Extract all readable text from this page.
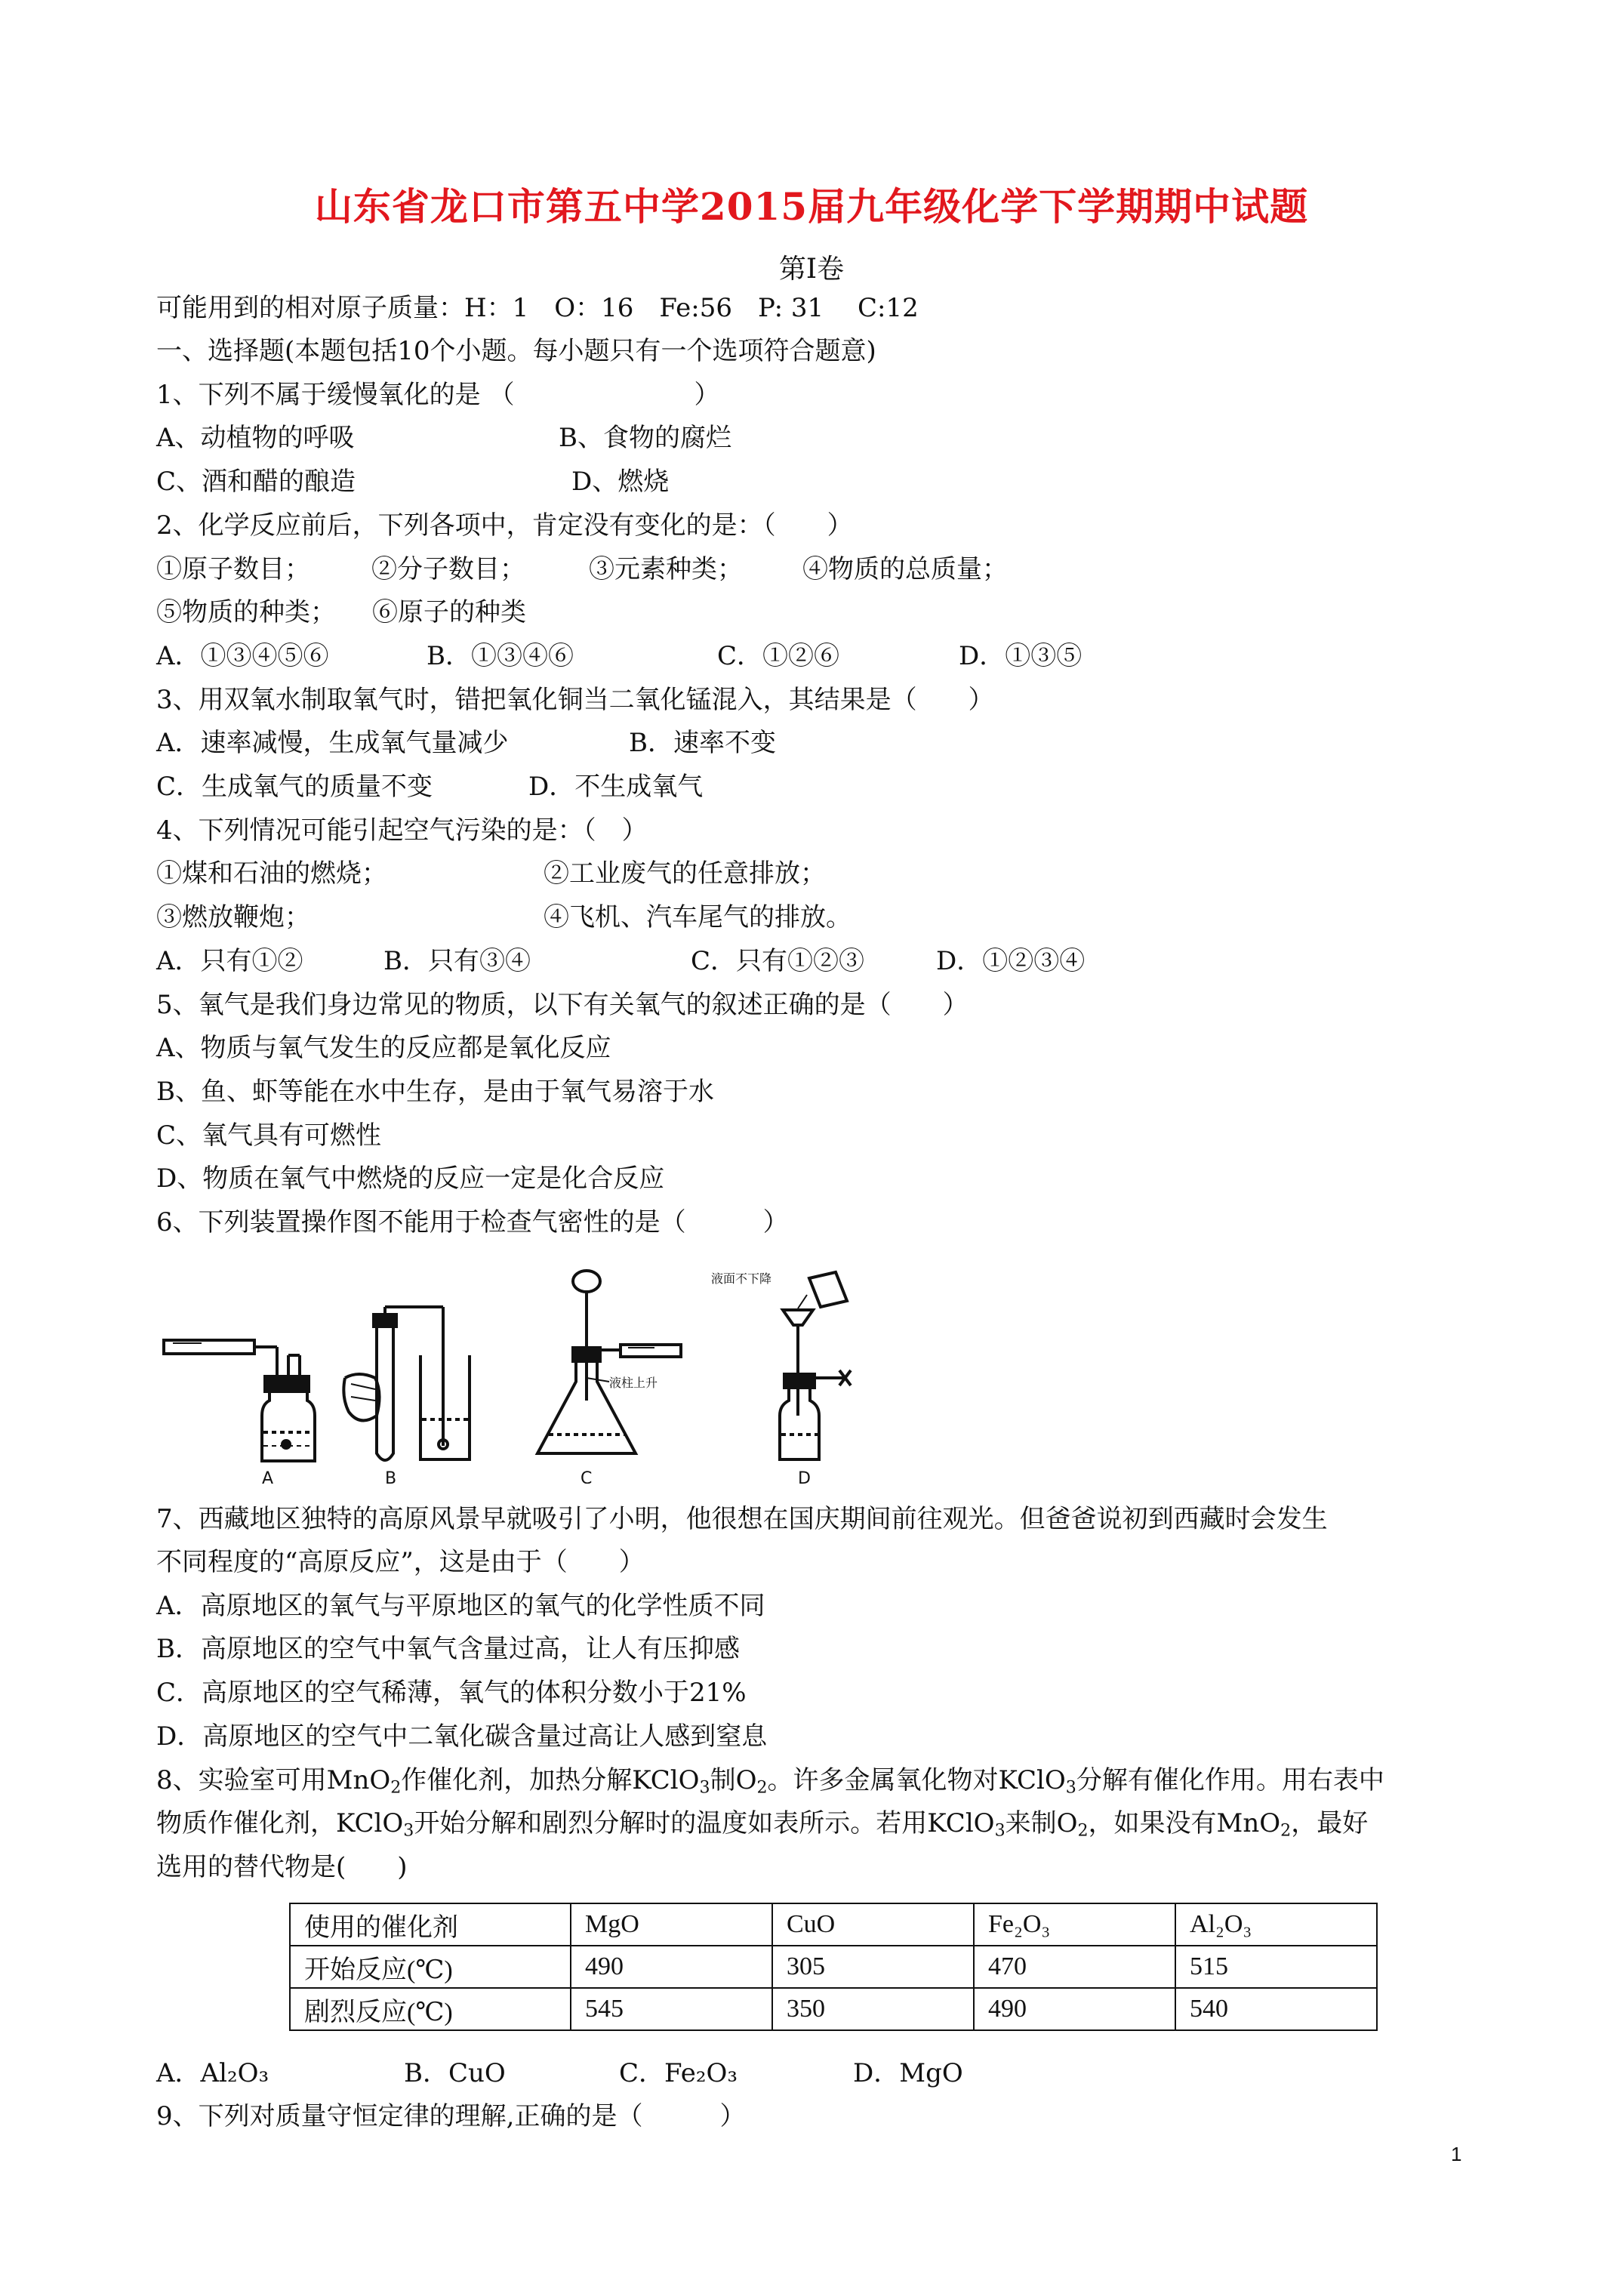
山东省龙口市第五中学2015届九年级化学下学期期中试题
第Ⅰ卷
可能用到的相对原子质量：H：1　O：16　Fe:56　P: 31　 C:12
一、选择题(本题包括10个小题。每小题只有一个选项符合题意)
1、下列不属于缓慢氧化的是 （　　　　　　　）
A、动植物的呼吸	B、食物的腐烂
C、酒和醋的酿造	D、燃烧
2、化学反应前后，下列各项中，肯定没有变化的是：（　　）
①原子数目； ②分子数目； ③元素种类； ④物质的总质量；
⑤物质的种类； ⑥原子的种类
A．①③④⑤⑥	B．①③④⑥	C．①②⑥	D．①③⑤
3、用双氧水制取氧气时，错把氧化铜当二氧化锰混入，其结果是（　　）
A．速率减慢，生成氧气量减少	B．速率不变
C．生成氧气的质量不变	D．不生成氧气
4、下列情况可能引起空气污染的是：（　）
①煤和石油的燃烧；	②工业废气的任意排放；
③燃放鞭炮；	④飞机、汽车尾气的排放。
A．只有①②	B．只有③④	C．只有①②③	D．①②③④
5、氧气是我们身边常见的物质，以下有关氧气的叙述正确的是（　　）
A、物质与氧气发生的反应都是氧化反应
B、鱼、虾等能在水中生存，是由于氧气易溶于水
C、氧气具有可燃性
D、物质在氧气中燃烧的反应一定是化合反应
6、下列装置操作图不能用于检查气密性的是（　　　）
A	B
液柱上升
C
液面不下降
D
7、西藏地区独特的高原风景早就吸引了小明，他很想在国庆期间前往观光。但爸爸说初到西藏时会发生
不同程度的“高原反应”，这是由于（　　）
A．高原地区的氧气与平原地区的氧气的化学性质不同
B．高原地区的空气中氧气含量过高，让人有压抑感
C．高原地区的空气稀薄，氧气的体积分数小于21%
D．高原地区的空气中二氧化碳含量过高让人感到窒息
8、实验室可用MnO$_2$作催化剂，加热分解KClO$_3$制$O_2$。许多金属氧化物对KClO$_3$分解有催化作用。用右表中
物质作催化剂，KClO$_3$开始分解和剧烈分解时的温度如表所示。若用KClO$_3$来制$O_2$，如果没有MnO$_2$，最好
选用的替代物是(　　)
使用的催化剂	MgO	CuO	Fe₂O₃	Al₂O₃
开始反应(℃)	490	305	470	515
剧烈反应(℃)	545	350	490	540
A．Al₂O₃	B．CuO	C．Fe₂O₃	D．MgO
9、下列对质量守恒定律的理解,正确的是（　　　）
1
